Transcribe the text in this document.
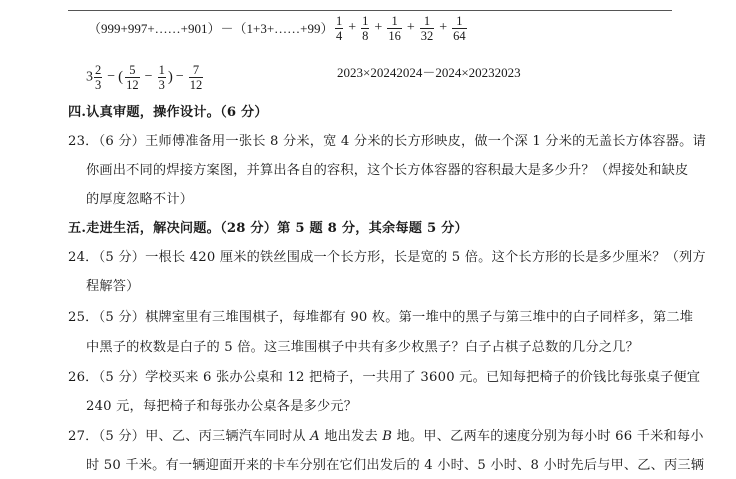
（999+997+……+901）－（1+3+……+99） $\frac{1}{4} + \frac{1}{8} + \frac{1}{16} + \frac{1}{32} + \frac{1}{64}$
$3 \frac{2}{3}$ − ( $\frac{5}{12} - \frac{1}{3}$ ) − $\frac{7}{12}$	2023×20242024－2024×20232023
四.认真审题，操作设计。（6 分）
23．（6 分）王师傅准备用一张长 8 分米，宽 4 分米的长方形映皮，做一个深 1 分米的无盖长方体容器。请
你画出不同的焊接方案图，并算出各自的容积，这个长方体容器的容积最大是多少升？（焊接处和缺皮
的厚度忽略不计）
五.走进生活，解决问题。（28 分）第 5 题 8 分，其余每题 5 分）
24．（5 分）一根长 420 厘米的铁丝围成一个长方形，长是宽的 5 倍。这个长方形的长是多少厘米？（列方
程解答）
25．（5 分）棋牌室里有三堆围棋子，每堆都有 90 枚。第一堆中的黑子与第三堆中的白子同样多，第二堆
中黑子的枚数是白子的 5 倍。这三堆围棋子中共有多少枚黑子？白子占棋子总数的几分之几？
26．（5 分）学校买来 6 张办公桌和 12 把椅子，一共用了 3600 元。已知每把椅子的价钱比每张桌子便宜
240 元，每把椅子和每张办公桌各是多少元？
27．（5 分）甲、乙、丙三辆汽车同时从 A 地出发去 B 地。甲、乙两车的速度分别为每小时 66 千米和每小
时 50 千米。有一辆迎面开来的卡车分别在它们出发后的 4 小时、5 小时、8 小时先后与甲、乙、丙三辆
